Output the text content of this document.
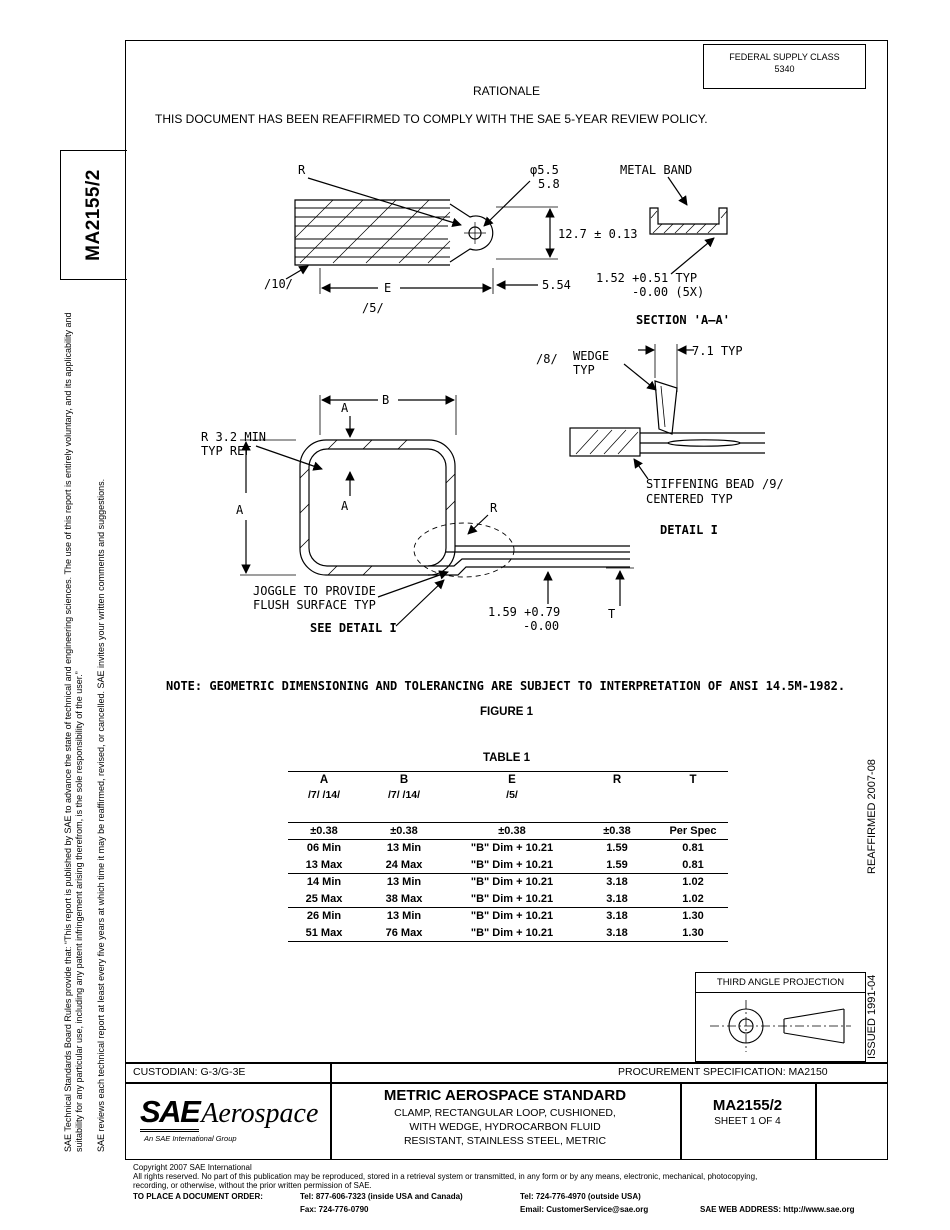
MA2155/2
SAE Technical Standards Board Rules provide that: “This report is published by SAE to advance the state of technical and engineering sciences. The use of this report is entirely voluntary, and its applicability and suitability for any particular use, including any patent infringement arising therefrom, is the sole responsibility of the user.” SAE reviews each technical report at least every five years at which time it may be reaffirmed, revised, or cancelled. SAE invites your written comments and suggestions.	REAFFIRMED 2007-08
ISSUED 1991-04
FEDERAL SUPPLY CLASS
5340
RATIONALE
THIS DOCUMENT HAS BEEN REAFFIRMED TO COMPLY WITH THE SAE 5-YEAR REVIEW POLICY.
R	φ5.5
5.8
METAL BAND
12.7 ± 0.13
/10/	E
/5/
5.54 1.52 +0.51 TYP
-0.00 (5X)
SECTION 'A–A'
B
A
R 3.2 MIN
TYP REF
A	A	R
JOGGLE TO PROVIDE
FLUSH SURFACE TYP
SEE DETAIL I
1.59 +0.79
-0.00
T
7.1 TYP
WEDGE
TYP
/8/
STIFFENING BEAD /9/
CENTERED TYP
DETAIL I
NOTE: GEOMETRIC DIMENSIONING AND TOLERANCING ARE SUBJECT TO INTERPRETATION OF ANSI 14.5M-1982.
FIGURE 1
TABLE 1
A	B	E	R	T
/7/ /14/	/7/ /14/	/5/		

±0.38	±0.38	±0.38	±0.38	Per Spec
06 Min	13 Min	"B" Dim + 10.21	1.59	0.81
13 Max	24 Max	"B" Dim + 10.21	1.59	0.81
14 Min	13 Min	"B" Dim + 10.21	3.18	1.02
25 Max	38 Max	"B" Dim + 10.21	3.18	1.02
26 Min	13 Min	"B" Dim + 10.21	3.18	1.30
51 Max	76 Max	"B" Dim + 10.21	3.18	1.30
THIRD ANGLE PROJECTION
CUSTODIAN: G-3/G-3E	PROCUREMENT SPECIFICATION: MA2150
SAEAerospace
An SAE International Group
METRIC AEROSPACE STANDARD
CLAMP, RECTANGULAR LOOP, CUSHIONED,
WITH WEDGE, HYDROCARBON FLUID
RESISTANT, STAINLESS STEEL, METRIC
MA2155/2
SHEET 1 OF 4
Copyright 2007 SAE International
All rights reserved. No part of this publication may be reproduced, stored in a retrieval system or transmitted, in any form or by any means, electronic, mechanical, photocopying,
recording, or otherwise, without the prior written permission of SAE.
TO PLACE A DOCUMENT ORDER:	Tel: 877-606-7323 (inside USA and Canada)	Tel: 724-776-4970 (outside USA)
Fax: 724-776-0790	Email: CustomerService@sae.org	SAE WEB ADDRESS: http://www.sae.org
